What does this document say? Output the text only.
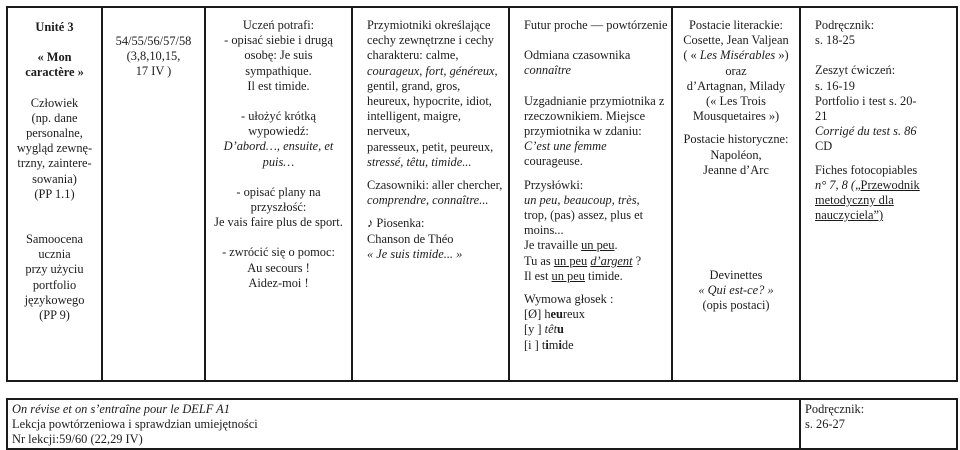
Unité 3
« Mon
caractère »
Człowiek
(np. dane
personalne,
wygląd zewnę-
trzny, zaintere-
sowania)
(PP 1.1)
Samoocena
ucznia
przy użyciu
portfolio
językowego
(PP 9)

54/55/56/57/58
(3,8,10,15,
17 IV )

Uczeń potrafi:
- opisać siebie i drugą
osobę: Je suis
sympathique.
Il est timide.
- ułożyć krótką
wypowiedź:
D’abord…, ensuite, et
puis…
- opisać plany na
przyszłość:
Je vais faire plus de sport.
- zwrócić się o pomoc:
Au secours !
Aidez-moi !

Przymiotniki określające
cechy zewnętrzne i cechy
charakteru: calme,
courageux, fort, généreux,
gentil, grand, gros,
heureux, hypocrite, idiot,
intelligent, maigre, nerveux,
paresseux, petit, peureux,
stressé, têtu, timide...
Czasowniki: aller chercher,
comprendre, connaître...
♪ Piosenka:
Chanson de Théo
« Je suis timide... »

Futur proche — powtórzenie
Odmiana czasownika
connaître
Uzgadnianie przymiotnika z
rzeczownikiem. Miejsce
przymiotnika w zdaniu:
C’est une femme
courageuse.
Przysłówki:
un peu, beaucoup, très,
trop, (pas) assez, plus et
moins...
Je travaille un peu.
Tu as un peu d’argent ?
Il est un peu timide.
Wymowa głosek :
[Ø] heureux
[y ] têtu
[i ] timide

Postacie literackie:
Cosette, Jean Valjean
( « Les Misérables ») oraz
d’Artagnan, Milady
(« Les Trois
Mousquetaires »)
Postacie historyczne:
Napoléon,
Jeanne d’Arc
Devinettes
« Qui est-ce? »
(opis postaci)

Podręcznik:
s. 18-25
Zeszyt ćwiczeń:
s. 16-19
Portfolio i test s. 20-
21
Corrigé du test s. 86
CD
Fiches fotocopiables
n° 7, 8 („Przewodnik
metodyczny dla
nauczyciela”)
On révise et on s’entraîne pour le DELF A1
Lekcja powtórzeniowa i sprawdzian umiejętności
Nr lekcji:59/60 (22,29 IV)

Podręcznik:
s. 26-27
